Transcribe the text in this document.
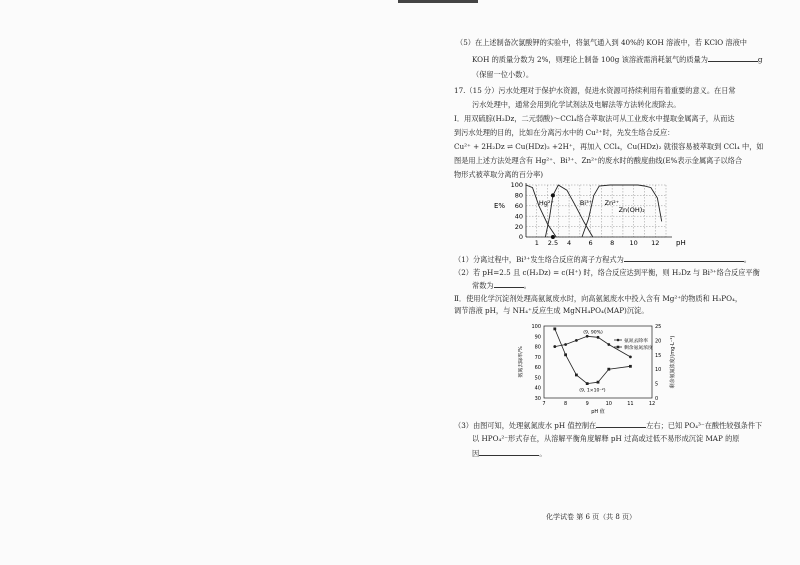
（5）在上述制备次氯酸钾的实验中，将氯气通入到 40%的 KOH 溶液中，若 KClO 溶液中
KOH 的质量分数为 2%，则理论上制备 100g 该溶液需消耗氯气的质量为	g
（保留一位小数）。
17.（15 分）污水处理对于保护水资源，促进水资源可持续利用有着重要的意义。在日常
污水处理中，通常会用到化学试剂法及电解法等方法转化废除去。
Ⅰ．用双硫腙(H₂Dz，二元弱酸)～CCl₄络合萃取法可从工业废水中提取金属离子，从而达
到污水处理的目的，比如在分离污水中的 Cu²⁺时，先发生络合反应：
Cu²⁺ + 2H₂Dz ⇌ Cu(HDz)₂ +2H⁺，再加入 CCl₄，Cu(HDz)₂ 就很容易被萃取到 CCl₄ 中，如
图是用上述方法处理含有 Hg²⁺、Bi³⁺、Zn²⁺的废水时的酸度曲线(E%表示金属离子以络合
物形式被萃取分离的百分率)
0
20
40
60
80
100
E%
1 2.5 4	6	8 10 12 pH
Hg²⁺	Bi³⁺ Zn²⁺
Zn(OH)₂
（1）分离过程中，Bi³⁺发生络合反应的离子方程式为	。
（2）若 pH=2.5 且 c(H₂Dz) = c(H⁺) 时，络合反应达到平衡，则 H₂Dz 与 Bi³⁺络合反应平衡
常数为	。
Ⅱ．使用化学沉淀剂处理高氨氮废水时，向高氨氮废水中投入含有 Mg²⁺的物质和 H₃PO₄，
调节溶液 pH，与 NH₄⁺反应生成 MgNH₄PO₄(MAP)沉淀。
30
40
50
60
70
80
90
100
0
5
10
15
20
25
7	8	9	10	11	12
pH 值
氨氮去除率/%	剩余氨氮浓度/(mg·L⁻¹)
氨氮去除率
剩余氨氮浓度
(9, 90%)
(9, 1×10⁻²)
（3）由图可知，处理氨氮废水 pH 值控制在	左右；已知 PO₄³⁻在酸性较强条件下
以 HPO₄²⁻形式存在，从溶解平衡角度解释 pH 过高或过低不易形成沉淀 MAP 的原
因	。
化学试卷 第 6 页（共 8 页）
